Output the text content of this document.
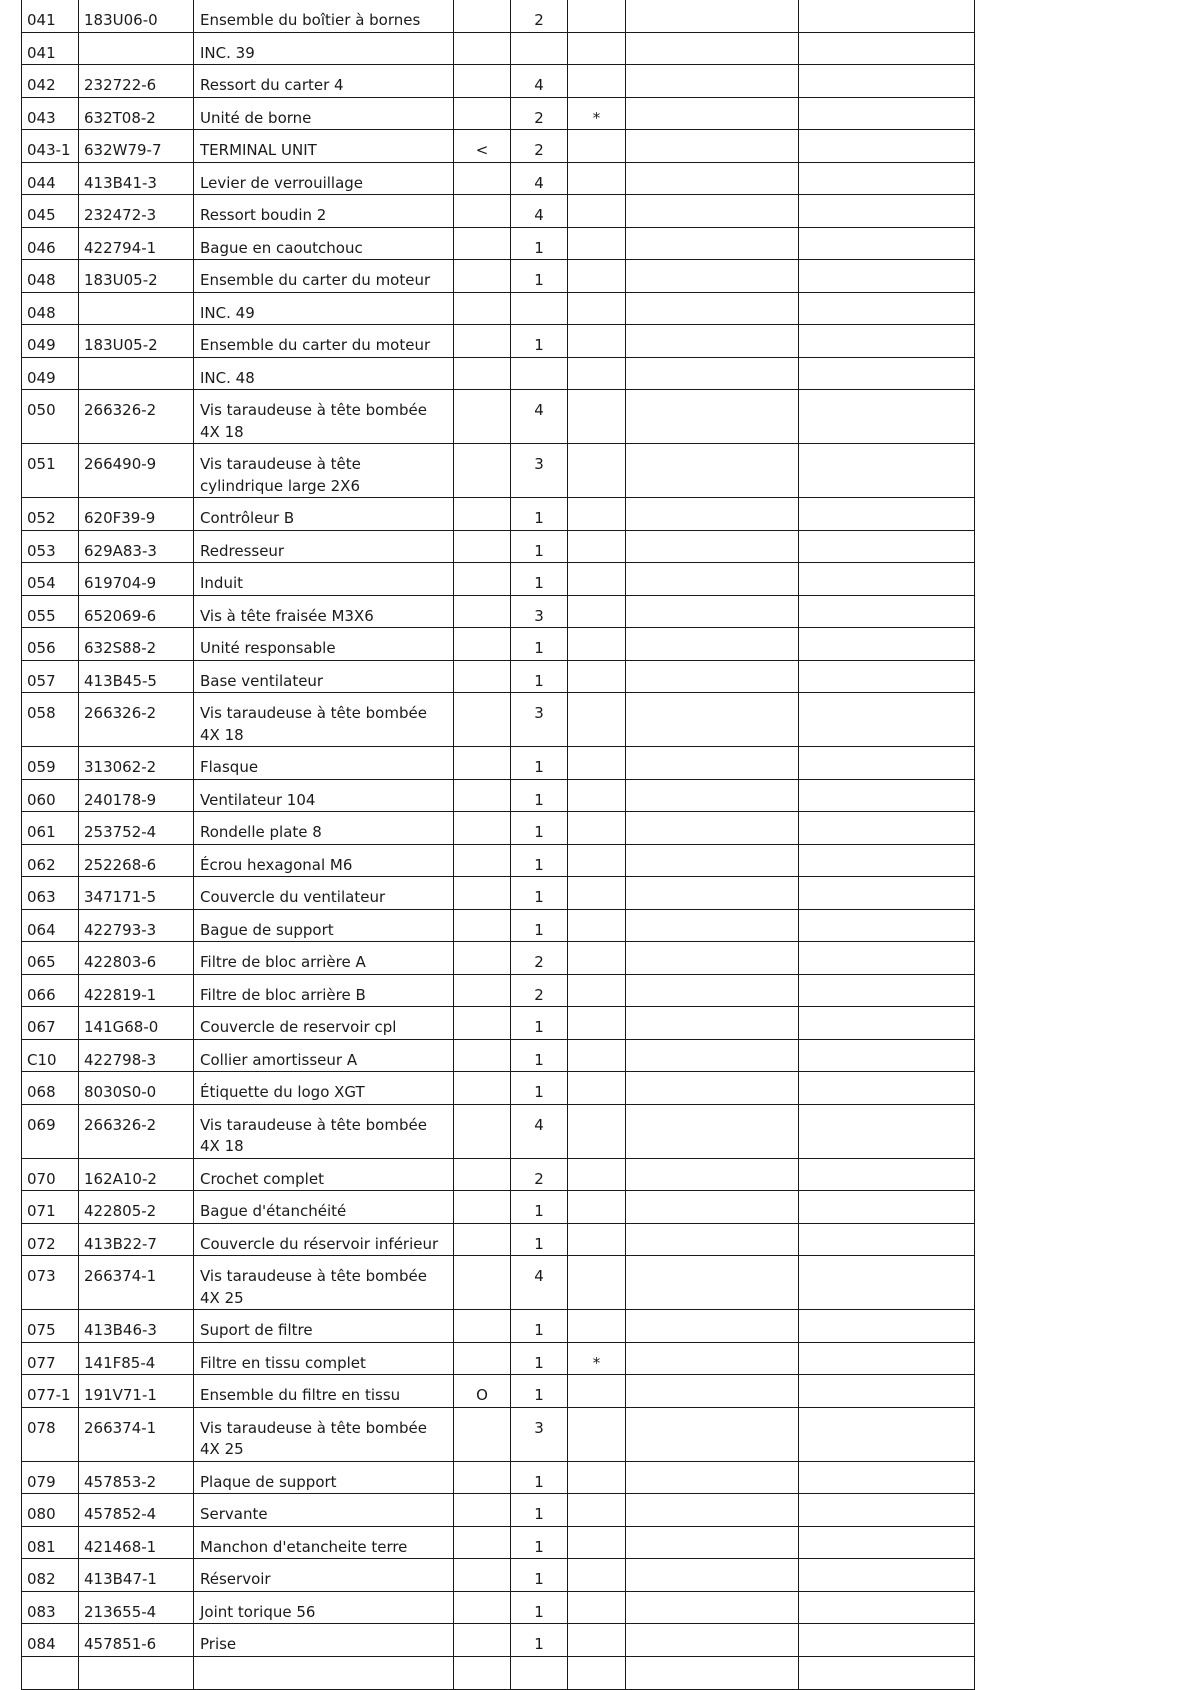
041	183U06-0	Ensemble du boîtier à bornes		2			
041		INC. 39					
042	232722-6	Ressort du carter 4		4			
043	632T08-2	Unité de borne		2	*		
043-1	632W79-7	TERMINAL UNIT	<	2			
044	413B41-3	Levier de verrouillage		4			
045	232472-3	Ressort boudin 2		4			
046	422794-1	Bague en caoutchouc		1			
048	183U05-2	Ensemble du carter du moteur		1			
048		INC. 49					
049	183U05-2	Ensemble du carter du moteur		1			
049		INC. 48					
050	266326-2	Vis taraudeuse à tête bombée 4X 18		4			
051	266490-9	Vis taraudeuse à tête cylindrique large 2X6		3			
052	620F39-9	Contrôleur B		1			
053	629A83-3	Redresseur		1			
054	619704-9	Induit		1			
055	652069-6	Vis à tête fraisée M3X6		3			
056	632S88-2	Unité responsable		1			
057	413B45-5	Base ventilateur		1			
058	266326-2	Vis taraudeuse à tête bombée 4X 18		3			
059	313062-2	Flasque		1			
060	240178-9	Ventilateur 104		1			
061	253752-4	Rondelle plate 8		1			
062	252268-6	Écrou hexagonal M6		1			
063	347171-5	Couvercle du ventilateur		1			
064	422793-3	Bague de support		1			
065	422803-6	Filtre de bloc arrière A		2			
066	422819-1	Filtre de bloc arrière B		2			
067	141G68-0	Couvercle de reservoir cpl		1			
C10	422798-3	Collier amortisseur A		1			
068	8030S0-0	Étiquette du logo XGT		1			
069	266326-2	Vis taraudeuse à tête bombée 4X 18		4			
070	162A10-2	Crochet complet		2			
071	422805-2	Bague d'étanchéité		1			
072	413B22-7	Couvercle du réservoir inférieur		1			
073	266374-1	Vis taraudeuse à tête bombée 4X 25		4			
075	413B46-3	Suport de filtre		1			
077	141F85-4	Filtre en tissu complet		1	*		
077-1	191V71-1	Ensemble du filtre en tissu	O	1			
078	266374-1	Vis taraudeuse à tête bombée 4X 25		3			
079	457853-2	Plaque de support		1			
080	457852-4	Servante		1			
081	421468-1	Manchon d'etancheite terre		1			
082	413B47-1	Réservoir		1			
083	213655-4	Joint torique 56		1			
084	457851-6	Prise		1			
